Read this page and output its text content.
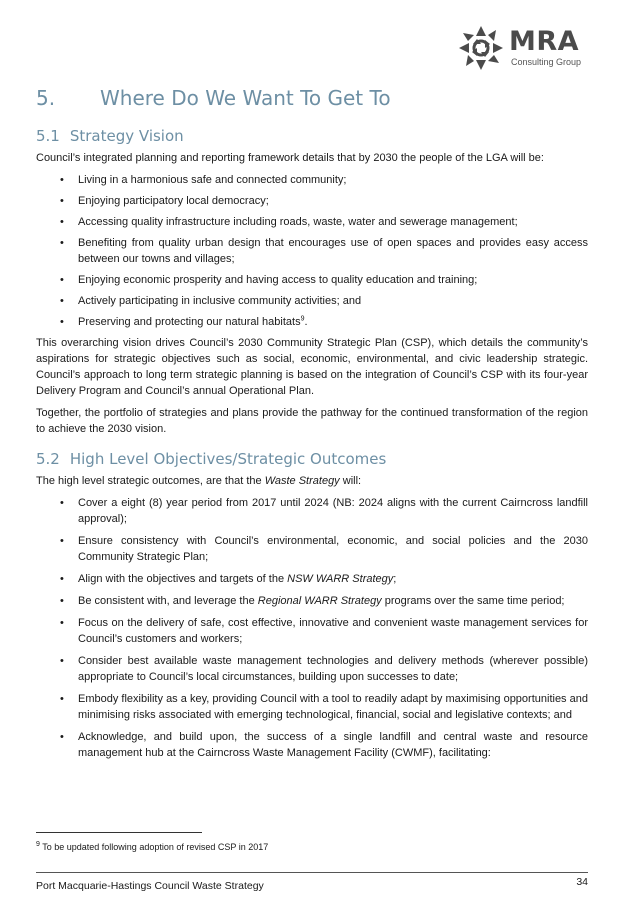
MRA
Consulting Group
5.	Where Do We Want To Get To
5.1 Strategy Vision

Council’s integrated planning and reporting framework details that by 2030 the people of the LGA will be:

• Living in a harmonious safe and connected community;
• Enjoying participatory local democracy;
• Accessing quality infrastructure including roads, waste, water and sewerage management;
• Benefiting from quality urban design that encourages use of open spaces and provides easy access between our towns and villages;
• Enjoying economic prosperity and having access to quality education and training;
• Actively participating in inclusive community activities; and
• Preserving and protecting our natural habitats$^9$.

This overarching vision drives Council’s 2030 Community Strategic Plan (CSP), which details the community’s aspirations for strategic objectives such as social, economic, environmental, and civic leadership strategic. Council’s approach to long term strategic planning is based on the integration of Council’s CSP with its four-year Delivery Program and Council’s annual Operational Plan.

Together, the portfolio of strategies and plans provide the pathway for the continued transformation of the region to achieve the 2030 vision.

5.2 High Level Objectives/Strategic Outcomes

The high level strategic outcomes, are that the Waste Strategy will:

• Cover a eight (8) year period from 2017 until 2024 (NB: 2024 aligns with the current Cairncross landfill approval);
• Ensure consistency with Council’s environmental, economic, and social policies and the 2030 Community Strategic Plan;
• Align with the objectives and targets of the NSW WARR Strategy;
• Be consistent with, and leverage the Regional WARR Strategy programs over the same time period;
• Focus on the delivery of safe, cost effective, innovative and convenient waste management services for Council’s customers and workers;
• Consider best available waste management technologies and delivery methods (wherever possible) appropriate to Council’s local circumstances, building upon successes to date;
• Embody flexibility as a key, providing Council with a tool to readily adapt by maximising opportunities and minimising risks associated with emerging technological, financial, social and legislative contexts; and
• Acknowledge, and build upon, the success of a single landfill and central waste and resource management hub at the Cairncross Waste Management Facility (CWMF), facilitating:
$^9$ To be updated following adoption of revised CSP in 2017
Port Macquarie-Hastings Council Waste Strategy	34
